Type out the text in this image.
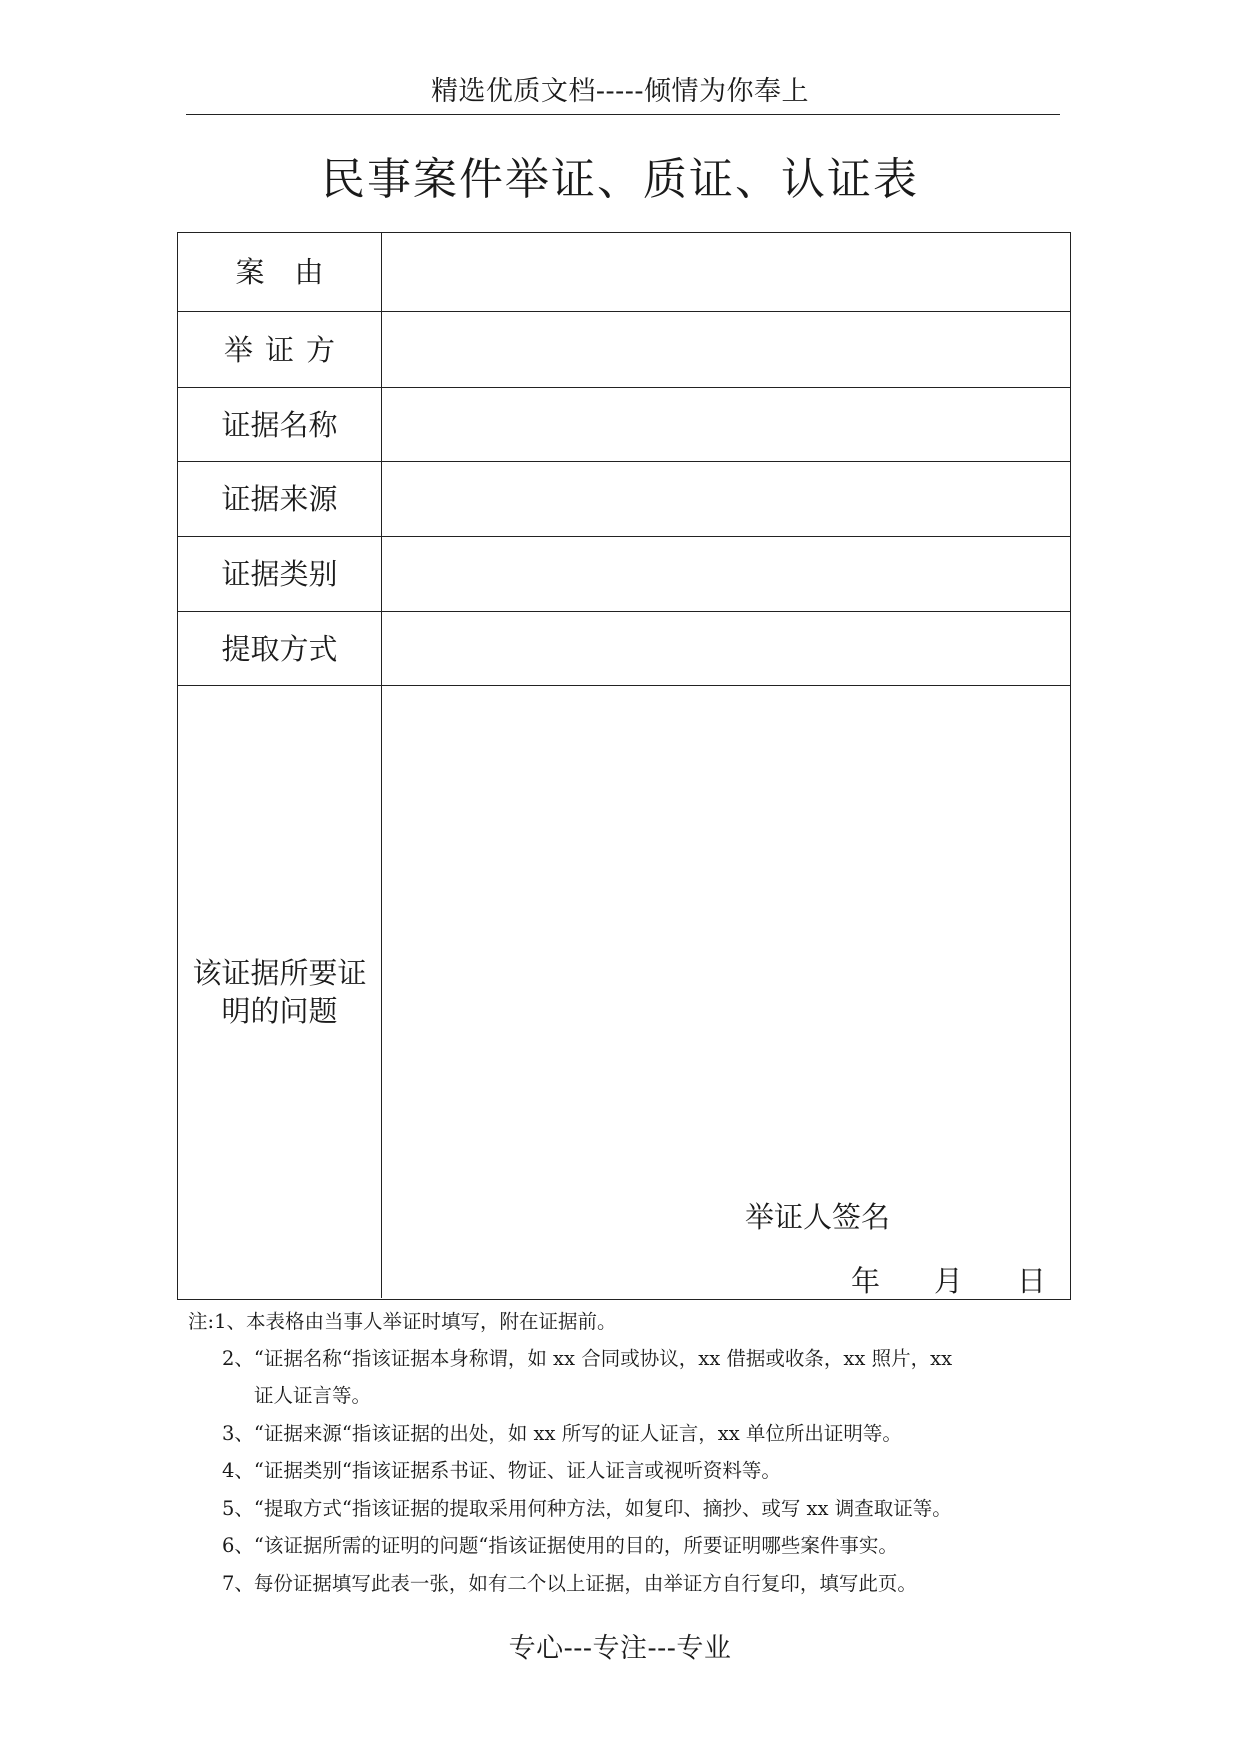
精选优质文档-----倾情为你奉上
民事案件举证、质证、认证表
案由
举证方
证据名称
证据来源
证据类别
提取方式
该证据所要证
明的问题
举证人签名
年 月 日
注:1、本表格由当事人举证时填写，附在证据前。
2、“证据名称“指该证据本身称谓，如 xx 合同或协议，xx 借据或收条，xx 照片，xx
证人证言等。
3、“证据来源“指该证据的出处，如 xx 所写的证人证言，xx 单位所出证明等。
4、“证据类别“指该证据系书证、物证、证人证言或视听资料等。
5、“提取方式“指该证据的提取采用何种方法，如复印、摘抄、或写 xx 调查取证等。
6、“该证据所需的证明的问题“指该证据使用的目的，所要证明哪些案件事实。
7、每份证据填写此表一张，如有二个以上证据，由举证方自行复印，填写此页。
专心---专注---专业
